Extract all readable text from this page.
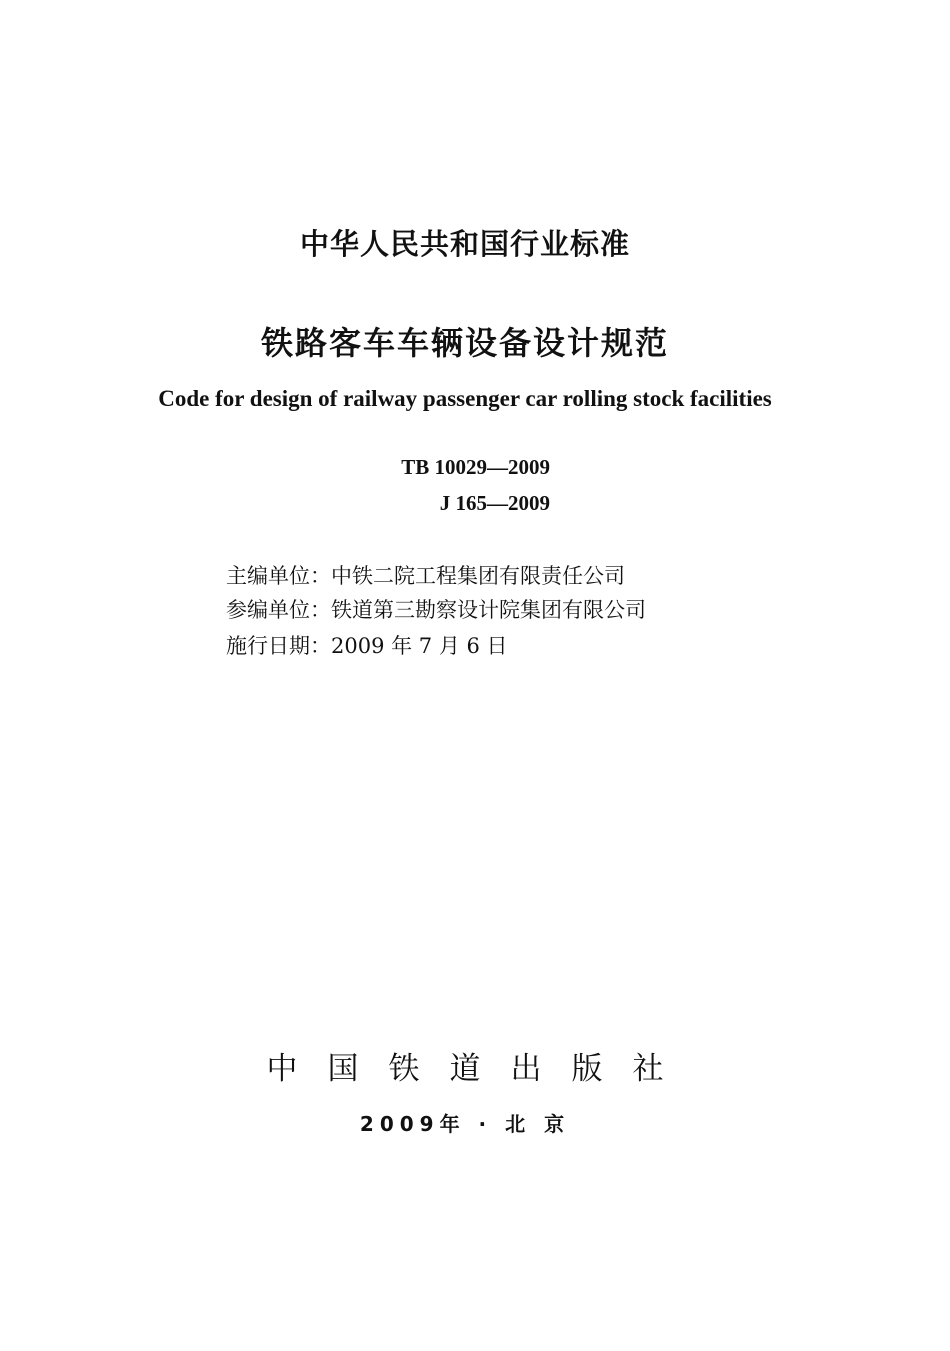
中华人民共和国行业标准
铁路客车车辆设备设计规范
Code for design of railway passenger car rolling stock facilities
TB 10029—2009
J 165—2009
主编单位：中铁二院工程集团有限责任公司
参编单位：铁道第三勘察设计院集团有限公司
施行日期：2009 年 7 月 6 日
中国铁道出版社
2009年 · 北 京
